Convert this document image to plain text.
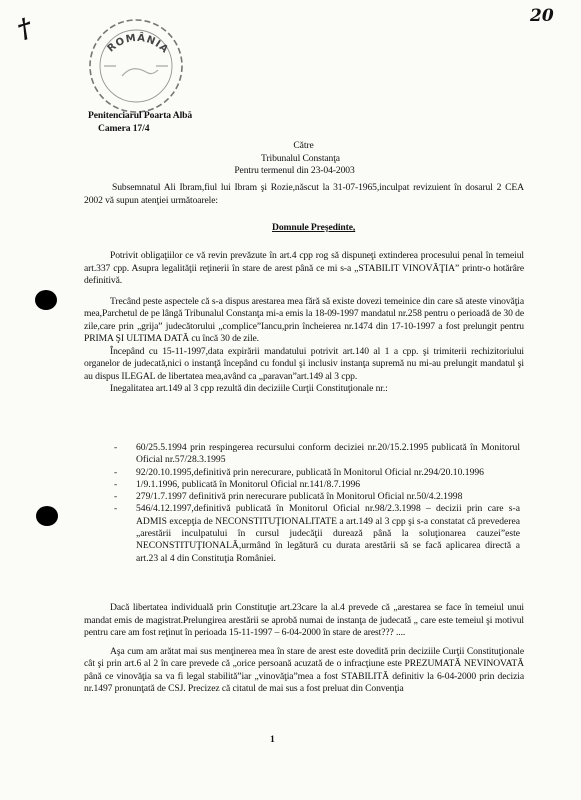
†	20
ROMÂNIA
Penitenciarul Poarta Albă
Camera 17/4
Către
Tribunalul Constanţa
Pentru termenul din 23-04-2003

Subsemnatul Ali Ibram,fiul lui Ibram şi Rozie,născut la 31-07-1965,inculpat revizuient în dosarul 2 CEA 2002 vă supun atenţiei următoarele:

Domnule Preşedinte,

Potrivit obligaţiilor ce vă revin prevăzute în art.4 cpp rog să dispuneţi extinderea procesului penal în temeiul art.337 cpp. Asupra legalităţii reţinerii în stare de arest până ce mi s-a „STABILIT VINOVĂŢIA” printr-o hotărâre definitivă.

Trecând peste aspectele că s-a dispus arestarea mea fără să existe dovezi temeinice din care să ateste vinovăţia mea,Parchetul de pe lângă Tribunalul Constanţa mi-a emis la 18-09-1997 mandatul nr.258 pentru o perioadă de 30 de zile,care prin „grija” judecătorului „complice”Iancu,prin încheierea nr.1474 din 17-10-1997 a fost prelungit pentru PRIMA ŞI ULTIMA DATĂ cu încă 30 de zile.

Începând cu 15-11-1997,data expirării mandatului potrivit art.140 al 1 a cpp. şi trimiterii rechizitoriului organelor de judecată,nici o instanţă începând cu fondul şi inclusiv instanţa supremă nu mi-au prelungit mandatul şi au dispus ILEGAL de libertatea mea,având ca „paravan”art.149 al 3 cpp.

Inegalitatea art.149 al 3 cpp rezultă din deciziile Curţii Constituţionale nr.:

- 60/25.5.1994 prin respingerea recursului conform deciziei nr.20/15.2.1995 publicată în Monitorul Oficial nr.57/28.3.1995
- 92/20.10.1995,definitivă prin nerecurare, publicată în Monitorul Oficial nr.294/20.10.1996
- 1/9.1.1996, publicată în Monitorul Oficial nr.141/8.7.1996
- 279/1.7.1997 definitivă prin nerecurare publicată în Monitorul Oficial nr.50/4.2.1998
- 546/4.12.1997,definitivă publicată în Monitorul Oficial nr.98/2.3.1998 – decizii prin care s-a ADMIS excepţia de NECONSTITUŢIONALITATE a art.149 al 3 cpp şi s-a constatat că prevederea „arestării inculpatului în cursul judecăţii durează până la soluţionarea cauzei”este NECONSTITUŢIONALĂ,urmând în legătură cu durata arestării să se facă aplicarea directă a art.23 al 4 din Constituţia României.

Dacă libertatea individuală prin Constituţie art.23care la al.4 prevede că „arestarea se face în temeiul unui mandat emis de magistrat.Prelungirea arestării se aprobă numai de instanţa de judecată „ care este temeiul şi motivul pentru care am fost reţinut în perioada 15-11-1997 – 6-04-2000 în stare de arest??? ....

Aşa cum am arătat mai sus menţinerea mea în stare de arest este dovedită prin deciziile Curţii Constituţionale cât şi prin art.6 al 2 în care prevede că „orice persoană acuzată de o infracţiune este PREZUMATĂ NEVINOVATĂ până ce vinovăţia sa va fi legal stabilită”iar „vinovăţia”mea a fost STABILITĂ definitiv la 6-04-2000 prin decizia nr.1497 pronunţată de CSJ. Precizez că citatul de mai sus a fost preluat din Convenţia

1
